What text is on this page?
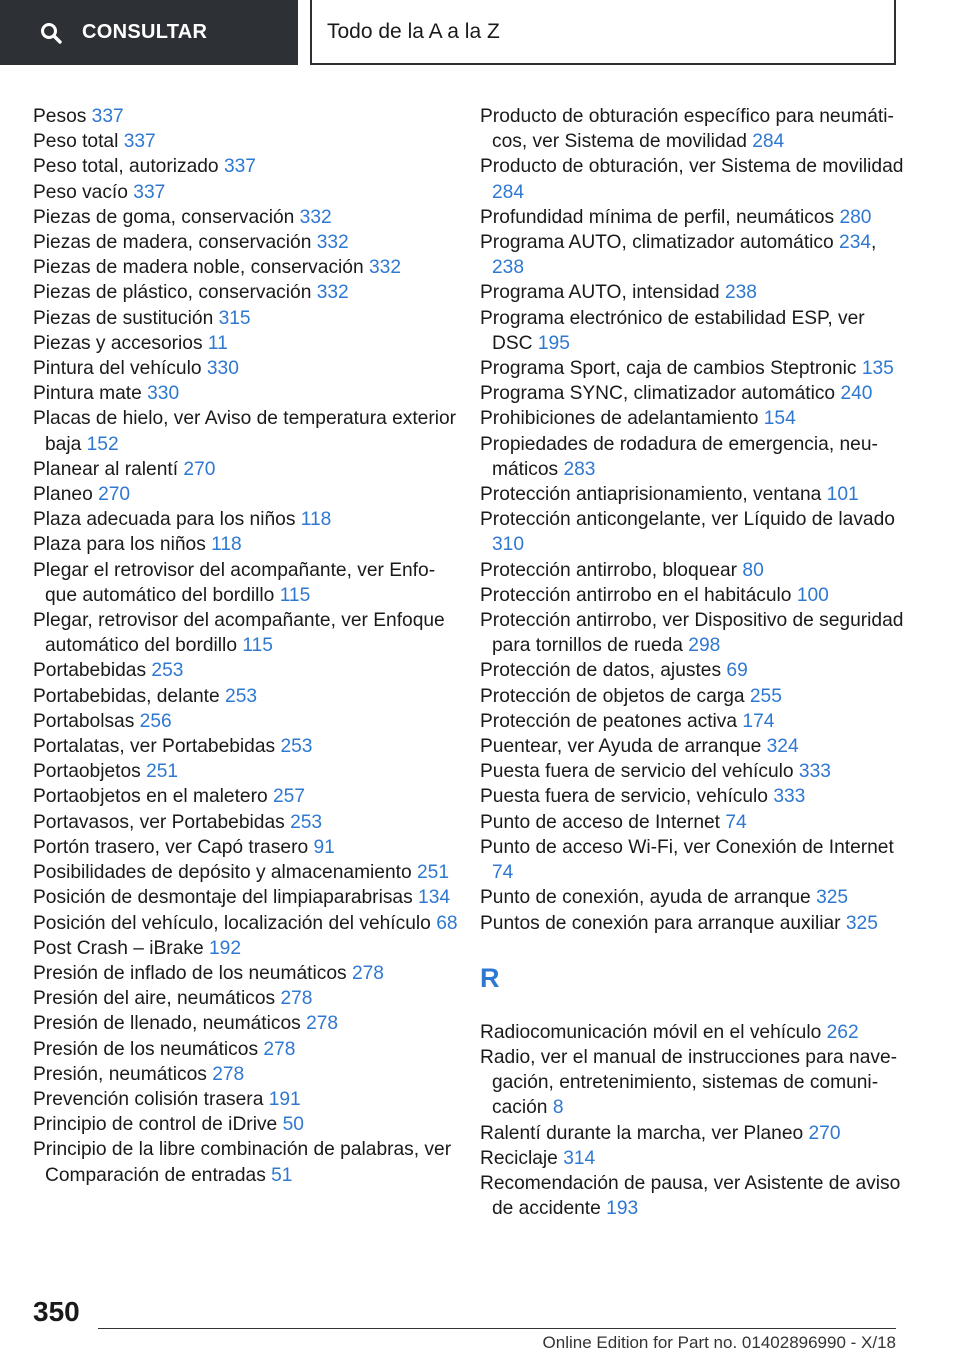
CONSULTAR	Todo de la A a la Z
Pesos 337
Peso total 337
Peso total, autorizado 337
Peso vacío 337
Piezas de goma, conservación 332
Piezas de madera, conservación 332
Piezas de madera noble, conservación 332
Piezas de plástico, conservación 332
Piezas de sustitución 315
Piezas y accesorios 11
Pintura del vehículo 330
Pintura mate 330
Placas de hielo, ver Aviso de temperatura exterior baja 152
Planear al ralentí 270
Planeo 270
Plaza adecuada para los niños 118
Plaza para los niños 118
Plegar el retrovisor del acompañante, ver Enfoque automático del bordillo 115
Plegar, retrovisor del acompañante, ver Enfoque automático del bordillo 115
Portabebidas 253
Portabebidas, delante 253
Portabolsas 256
Portalatas, ver Portabebidas 253
Portaobjetos 251
Portaobjetos en el maletero 257
Portavasos, ver Portabebidas 253
Portón trasero, ver Capó trasero 91
Posibilidades de depósito y almacenamiento 251
Posición de desmontaje del limpiaparabrisas 134
Posición del vehículo, localización del vehículo 68
Post Crash – iBrake 192
Presión de inflado de los neumáticos 278
Presión del aire, neumáticos 278
Presión de llenado, neumáticos 278
Presión de los neumáticos 278
Presión, neumáticos 278
Prevención colisión trasera 191
Principio de control de iDrive 50
Principio de la libre combinación de palabras, ver Comparación de entradas 51
Producto de obturación específico para neumáticos, ver Sistema de movilidad 284
Producto de obturación, ver Sistema de movilidad 284
Profundidad mínima de perfil, neumáticos 280
Programa AUTO, climatizador automático 234, 238
Programa AUTO, intensidad 238
Programa electrónico de estabilidad ESP, ver DSC 195
Programa Sport, caja de cambios Steptronic 135
Programa SYNC, climatizador automático 240
Prohibiciones de adelantamiento 154
Propiedades de rodadura de emergencia, neumáticos 283
Protección antiaprisionamiento, ventana 101
Protección anticongelante, ver Líquido de lavado 310
Protección antirrobo, bloquear 80
Protección antirrobo en el habitáculo 100
Protección antirrobo, ver Dispositivo de seguridad para tornillos de rueda 298
Protección de datos, ajustes 69
Protección de objetos de carga 255
Protección de peatones activa 174
Puentear, ver Ayuda de arranque 324
Puesta fuera de servicio del vehículo 333
Puesta fuera de servicio, vehículo 333
Punto de acceso de Internet 74
Punto de acceso Wi-Fi, ver Conexión de Internet 74
Punto de conexión, ayuda de arranque 325
Puntos de conexión para arranque auxiliar 325
R
Radiocomunicación móvil en el vehículo 262
Radio, ver el manual de instrucciones para navegación, entretenimiento, sistemas de comunicación 8
Ralentí durante la marcha, ver Planeo 270
Reciclaje 314
Recomendación de pausa, ver Asistente de aviso de accidente 193
350
Online Edition for Part no. 01402896990 - X/18
